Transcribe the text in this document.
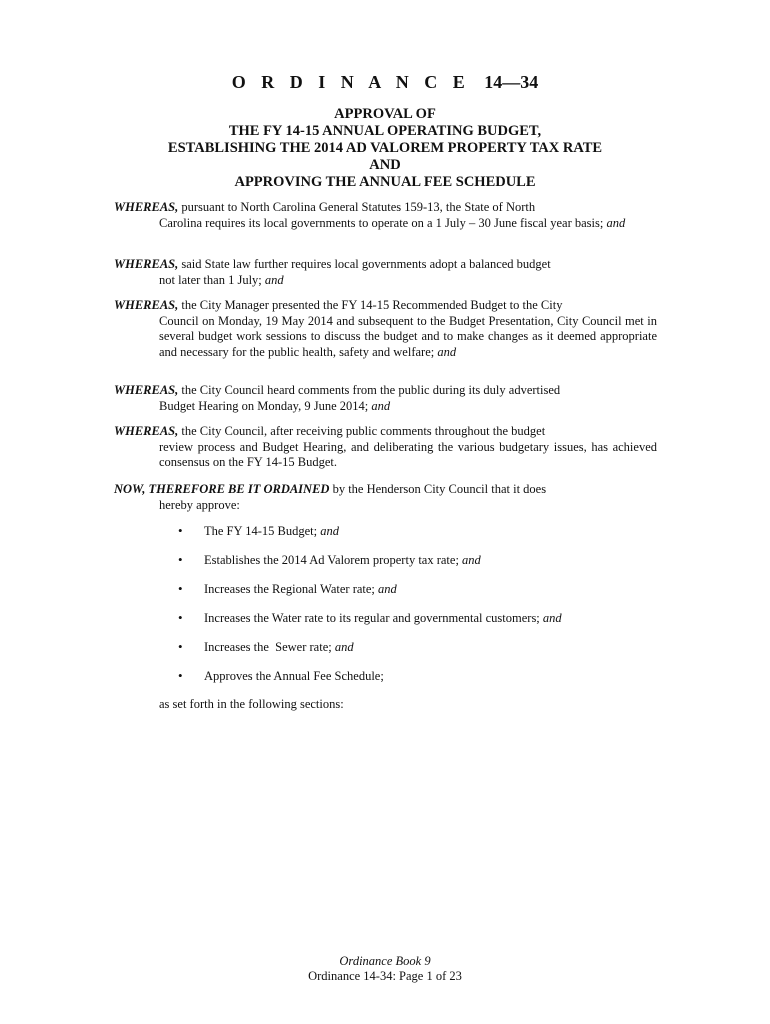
O R D I N A N C E 14—34
APPROVAL OF
THE FY 14-15 ANNUAL OPERATING BUDGET,
ESTABLISHING THE 2014 AD VALOREM PROPERTY TAX RATE
AND
APPROVING THE ANNUAL FEE SCHEDULE
WHEREAS, pursuant to North Carolina General Statutes 159-13, the State of North
Carolina requires its local governments to operate on a 1 July – 30 June fiscal year basis; and
WHEREAS, said State law further requires local governments adopt a balanced budget
not later than 1 July; and
WHEREAS, the City Manager presented the FY 14-15 Recommended Budget to the City
Council on Monday, 19 May 2014 and subsequent to the Budget Presentation, City Council met in several budget work sessions to discuss the budget and to make changes as it deemed appropriate and necessary for the public health, safety and welfare; and
WHEREAS, the City Council heard comments from the public during its duly advertised
Budget Hearing on Monday, 9 June 2014; and
WHEREAS, the City Council, after receiving public comments throughout the budget
review process and Budget Hearing, and deliberating the various budgetary issues, has achieved consensus on the FY 14-15 Budget.
NOW, THEREFORE BE IT ORDAINED by the Henderson City Council that it does
hereby approve:
• The FY 14-15 Budget; and
• Establishes the 2014 Ad Valorem property tax rate; and
• Increases the Regional Water rate; and
• Increases the Water rate to its regular and governmental customers; and
• Increases the  Sewer rate; and
• Approves the Annual Fee Schedule;
as set forth in the following sections:
Ordinance Book 9
Ordinance 14-34: Page 1 of 23
